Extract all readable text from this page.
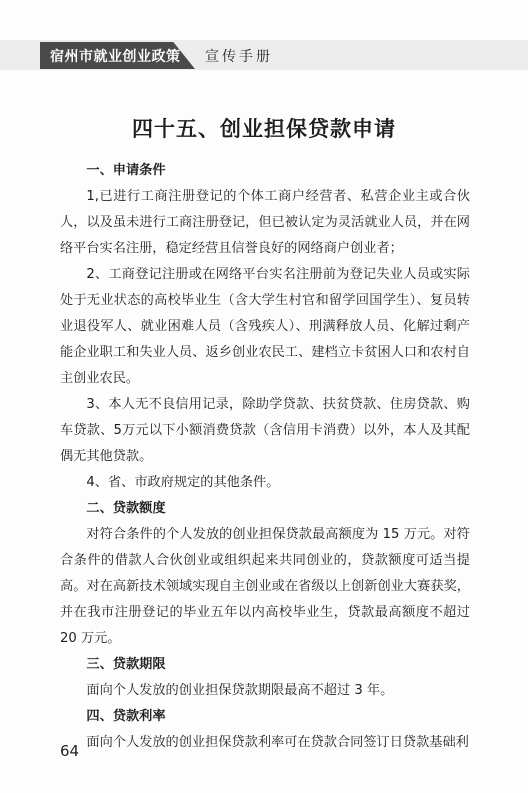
宿州市就业创业政策 宣传手册
四十五、创业担保贷款申请

一、申请条件

1,已进行工商注册登记的个体工商户经营者、私营企业主或合伙人，以及虽未进行工商注册登记，但已被认定为灵活就业人员，并在网络平台实名注册，稳定经营且信誉良好的网络商户创业者；

2、工商登记注册或在网络平台实名注册前为登记失业人员或实际处于无业状态的高校毕业生（含大学生村官和留学回国学生）、复员转业退役军人、就业困难人员（含残疾人）、刑满释放人员、化解过剩产能企业职工和失业人员、返乡创业农民工、建档立卡贫困人口和农村自主创业农民。

3、本人无不良信用记录，除助学贷款、扶贫贷款、住房贷款、购车贷款、5万元以下小额消费贷款（含信用卡消费）以外，本人及其配偶无其他贷款。

4、省、市政府规定的其他条件。

二、贷款额度

对符合条件的个人发放的创业担保贷款最高额度为 15 万元。对符合条件的借款人合伙创业或组织起来共同创业的，贷款额度可适当提高。对在高新技术领域实现自主创业或在省级以上创新创业大赛获奖，并在我市注册登记的毕业五年以内高校毕业生，贷款最高额度不超过 20 万元。

三、贷款期限

面向个人发放的创业担保贷款期限最高不超过 3 年。

四、贷款利率

面向个人发放的创业担保贷款利率可在贷款合同签订日贷款基础利

64
